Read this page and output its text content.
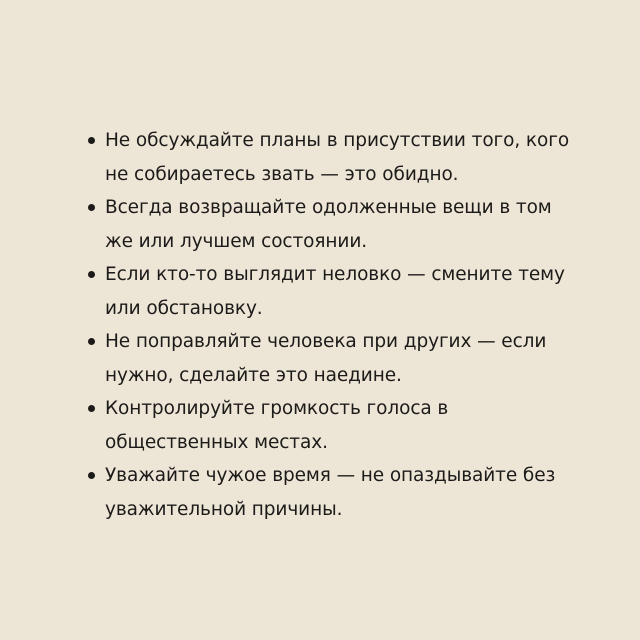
Не обсуждайте планы в присутствии того, кого не собираетесь звать — это обидно.
Всегда возвращайте одолженные вещи в том же или лучшем состоянии.
Если кто-то выглядит неловко — смените тему или обстановку.
Не поправляйте человека при других — если нужно, сделайте это наедине.
Контролируйте громкость голоса в общественных местах.
Уважайте чужое время — не опаздывайте без уважительной причины.
